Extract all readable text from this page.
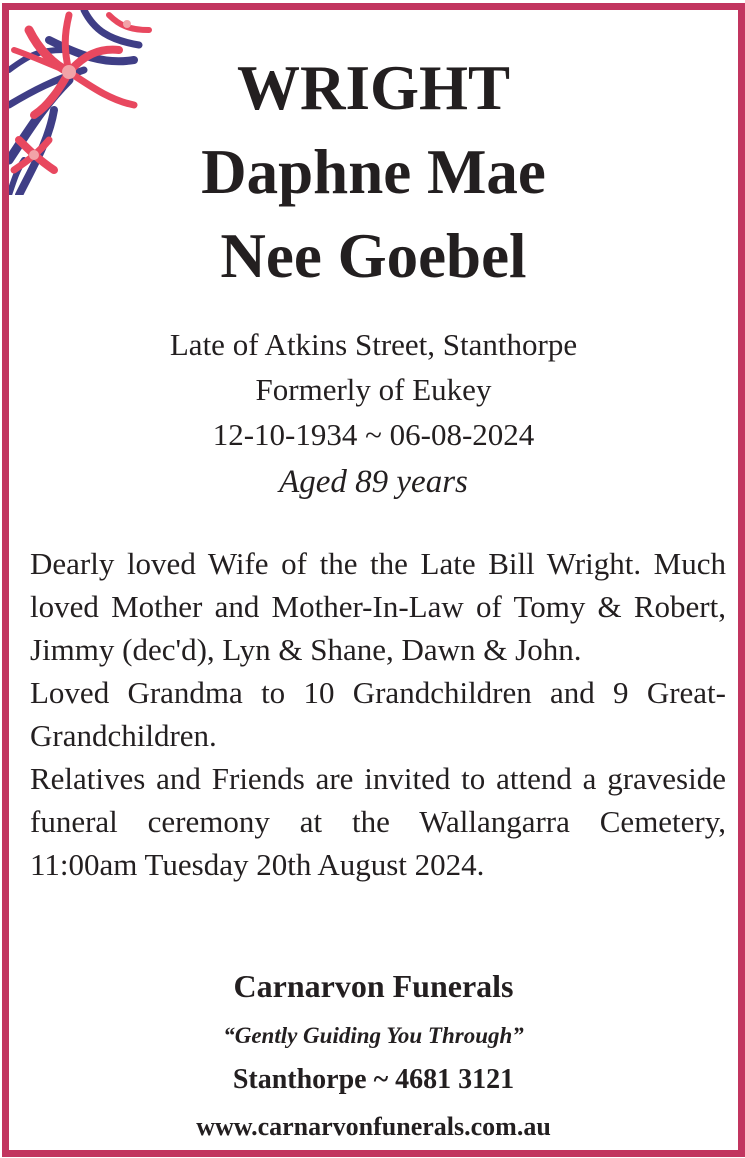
WRIGHT
Daphne Mae
Nee Goebel
Late of Atkins Street, Stanthorpe
Formerly of Eukey
12-10-1934 ~ 06-08-2024
Aged 89 years

Dearly loved Wife of the the Late Bill Wright. Much loved Mother and Mother-In-Law of Tomy & Robert, Jimmy (dec'd), Lyn & Shane, Dawn & John.

Loved Grandma to 10 Grandchildren and 9 Great-Grandchildren.

Relatives and Friends are invited to attend a graveside funeral ceremony at the Wallangarra Cemetery, 11:00am Tuesday 20th August 2024.

Carnarvon Funerals
“Gently Guiding You Through”
Stanthorpe ~ 4681 3121
www.carnarvonfunerals.com.au
